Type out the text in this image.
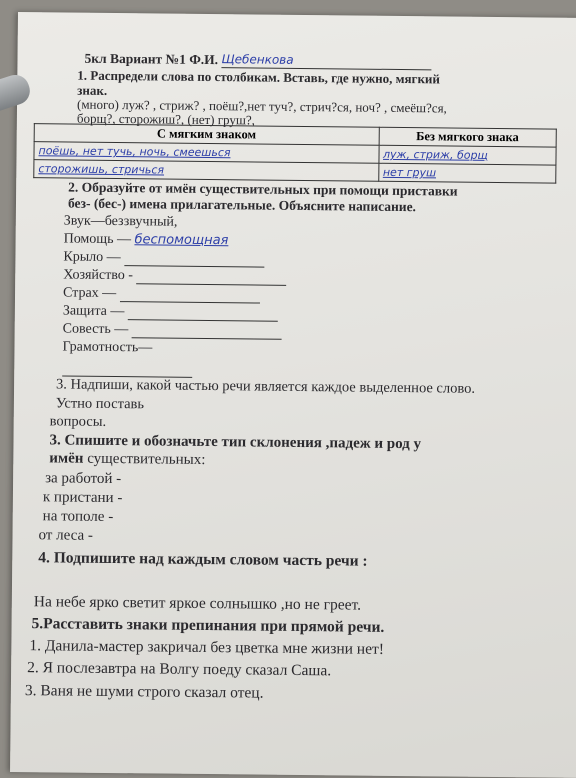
5кл Вариант №1 Ф.И. Щебенкова
1. Распредели слова по столбикам. Вставь, где нужно, мягкий
знак.
(много) луж? , стриж? , поёш?,нет туч?, стрич?ся, ноч? , смеёш?ся,
борщ?, сторожиш?, (нет) груш?,
С мягким знаком	Без мягкого знака
поёшь, нет тучь, ночь, смеешься	луж, стриж, борщ
сторожишь, стричься	нет груш
2. Образуйте от имён существительных при помощи приставки
без- (бес-) имена прилагательные. Объясните написание.
Звук—беззвучный,
Помощь — беспомощная
Крыло —
Хозяйство -
Страх —
Защита —
Совесть —
Грамотность—
3. Надпиши, какой частью речи является каждое выделенное слово.
Устно поставь
вопросы.
3. Спишите и обозначьте тип склонения ,падеж и род у
имён существительных:
за работой -
к пристани -
на тополе -
от леса -
4. Подпишите над каждым словом часть речи :
На небе ярко светит яркое солнышко ,но не греет.
5.Расставить знаки препинания при прямой речи.
1. Данила-мастер закричал без цветка мне жизни нет!
2. Я послезавтра на Волгу поеду сказал Саша.
3. Ваня не шуми строго сказал отец.
